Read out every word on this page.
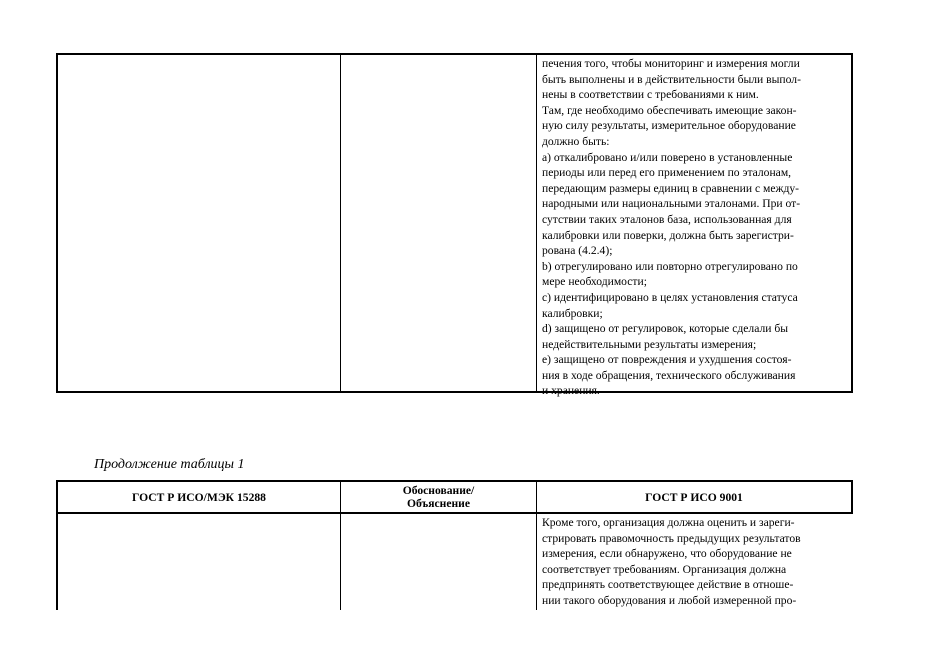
печения того, чтобы мониторинг и измерения могли

быть выполнены и в действительности были выпол-

нены в соответствии с требованиями к ним.

Там, где необходимо обеспечивать имеющие закон-

ную силу результаты, измерительное оборудование

должно быть:

a) откалибровано и/или поверено в установленные

периоды или перед его применением по эталонам,

передающим размеры единиц в сравнении с между-

народными или национальными эталонами. При от-

сутствии таких эталонов база, использованная для

калибровки или поверки, должна быть зарегистри-

рована (4.2.4);

b) отрегулировано или повторно отрегулировано по

мере необходимости;

c) идентифицировано в целях установления статуса

калибровки;

d) защищено от регулировок, которые сделали бы

недействительными результаты измерения;

e) защищено от повреждения и ухудшения состоя-

ния в ходе обращения, технического обслуживания

и хранения.

Продолжение таблицы 1
ГОСТ Р ИСО/МЭК 15288	Обоснование/
Объяснение	ГОСТ Р ИСО 9001

Кроме того, организация должна оценить и зареги-

стрировать правомочность предыдущих результатов

измерения, если обнаружено, что оборудование не

соответствует требованиям. Организация должна

предпринять соответствующее действие в отноше-

нии такого оборудования и любой измеренной про-
